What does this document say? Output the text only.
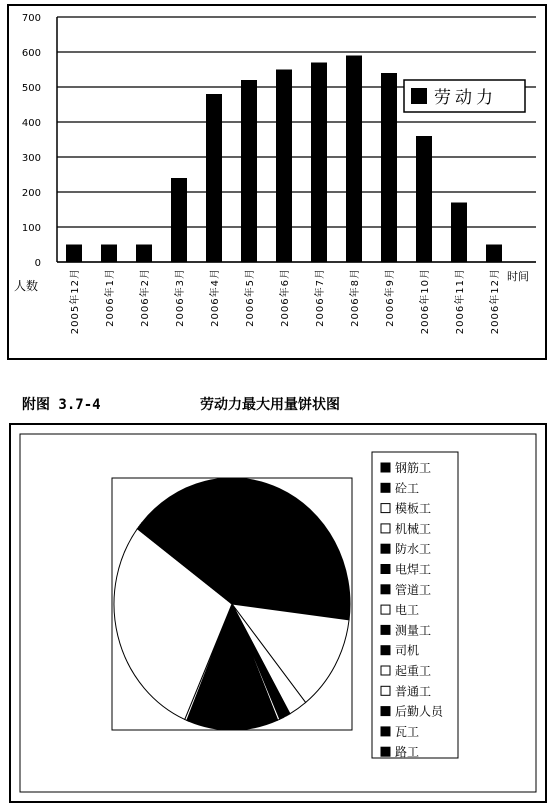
0
100
200
300
400
500
600
700
2005年12月 2006年1月 2006年2月 2006年3月 2006年4月 2006年5月 2006年6月 2006年7月 2006年8月 2006年9月 2006年10月 2006年11月 2006年12月
人数
时间
劳动力
附图 3.7-4	劳动力最大用量饼状图
钢筋工
砼工
模板工
机械工
防水工
电焊工
管道工
电工
测量工
司机
起重工
普通工
后勤人员
瓦工
路工
